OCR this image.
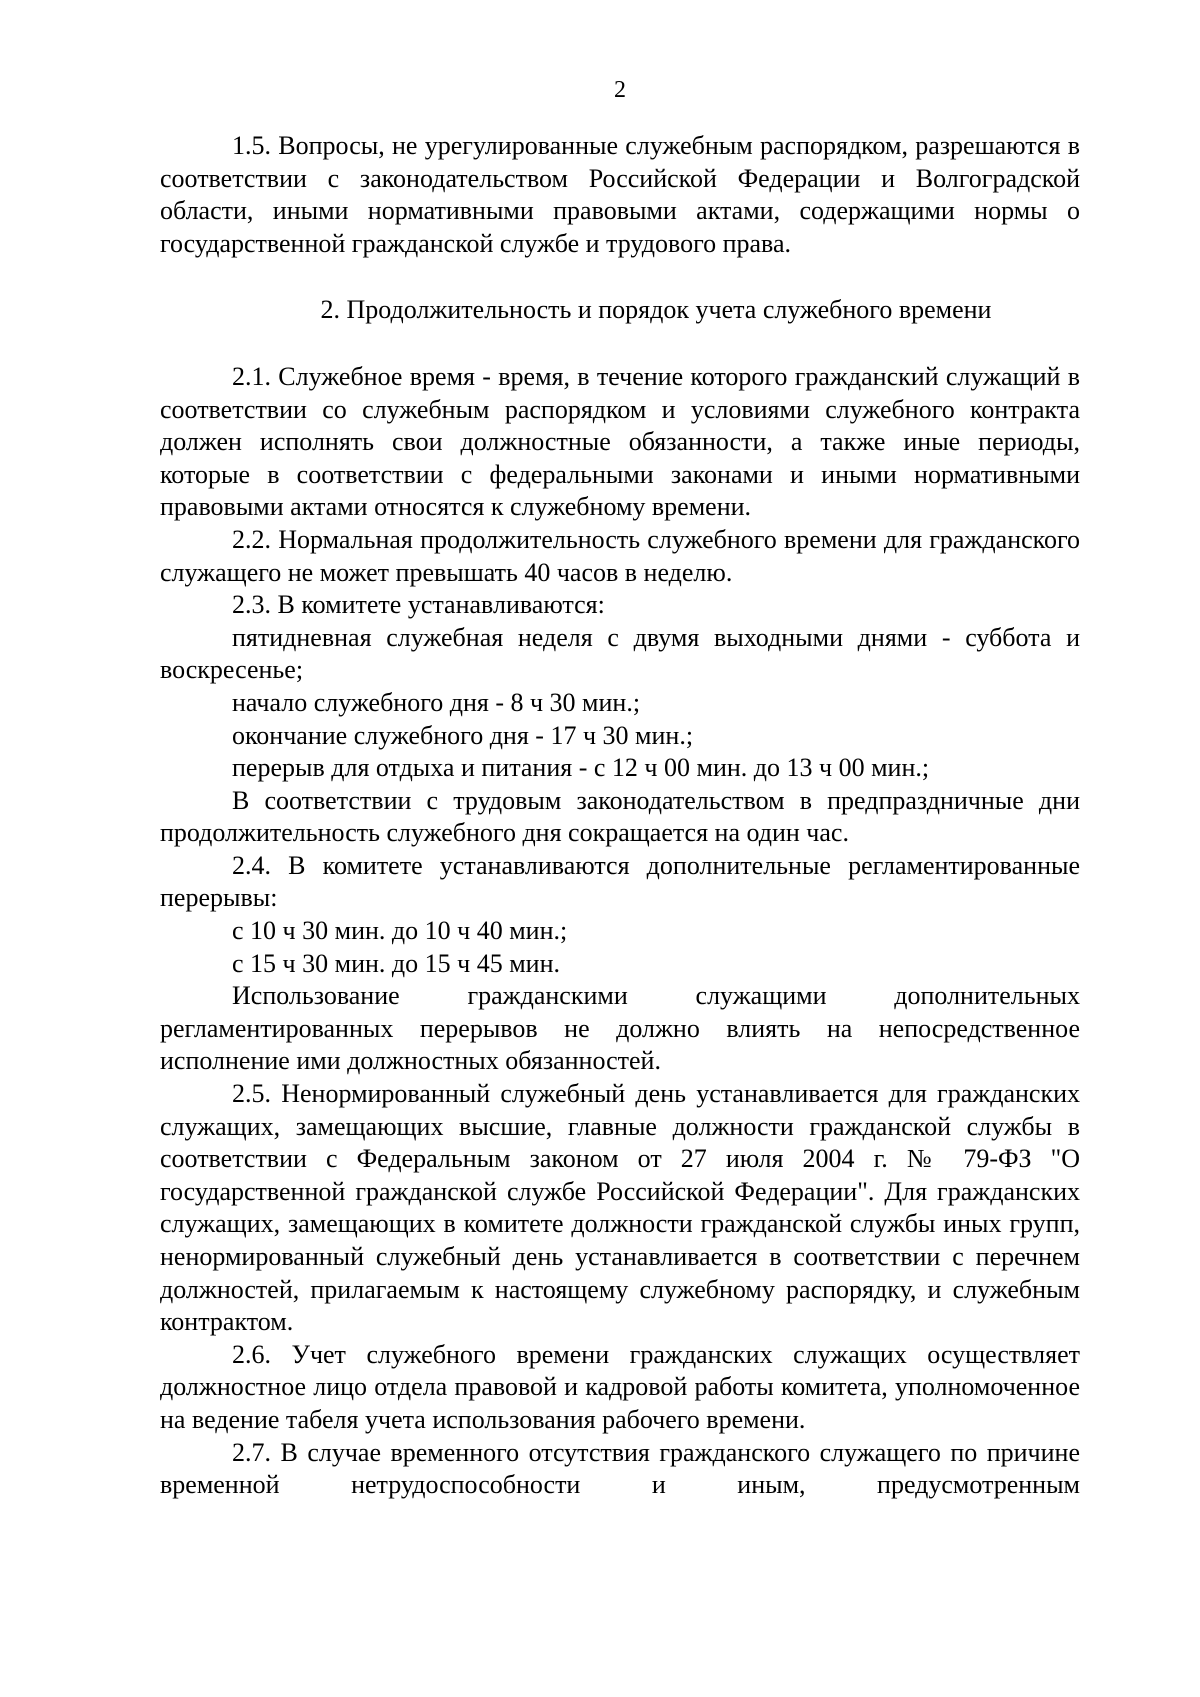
2

1.5. Вопросы, не урегулированные служебным распорядком, разрешаются в соответствии с законодательством Российской Федерации и Волгоградской области, иными нормативными правовыми актами, содержащими нормы о государственной гражданской службе и трудового права.

2. Продолжительность и порядок учета служебного времени

2.1. Служебное время - время, в течение которого гражданский служащий в соответствии со служебным распорядком и условиями служебного контракта должен исполнять свои должностные обязанности, а также иные периоды, которые в соответствии с федеральными законами и иными нормативными правовыми актами относятся к служебному времени.

2.2. Нормальная продолжительность служебного времени для гражданского служащего не может превышать 40 часов в неделю.

2.3. В комитете устанавливаются:

пятидневная служебная неделя с двумя выходными днями - суббота и воскресенье;

начало служебного дня - 8 ч 30 мин.;

окончание служебного дня - 17 ч 30 мин.;

перерыв для отдыха и питания - с 12 ч 00 мин. до 13 ч 00 мин.;

В соответствии с трудовым законодательством в предпраздничные дни продолжительность служебного дня сокращается на один час.

2.4. В комитете устанавливаются дополнительные регламентированные перерывы:

с 10 ч 30 мин. до 10 ч 40 мин.;

с 15 ч 30 мин. до 15 ч 45 мин.

Использование гражданскими служащими дополнительных регламентированных перерывов не должно влиять на непосредственное исполнение ими должностных обязанностей.

2.5. Ненормированный служебный день устанавливается для гражданских служащих, замещающих высшие, главные должности гражданской службы в соответствии с Федеральным законом от 27 июля 2004 г. № 79-ФЗ "О государственной гражданской службе Российской Федерации". Для гражданских служащих, замещающих в комитете должности гражданской службы иных групп, ненормированный служебный день устанавливается в соответствии с перечнем должностей, прилагаемым к настоящему служебному распорядку, и служебным контрактом.

2.6. Учет служебного времени гражданских служащих осуществляет должностное лицо отдела правовой и кадровой работы комитета, уполномоченное на ведение табеля учета использования рабочего времени.

2.7. В случае временного отсутствия гражданского служащего по причине временной нетрудоспособности и иным, предусмотренным
